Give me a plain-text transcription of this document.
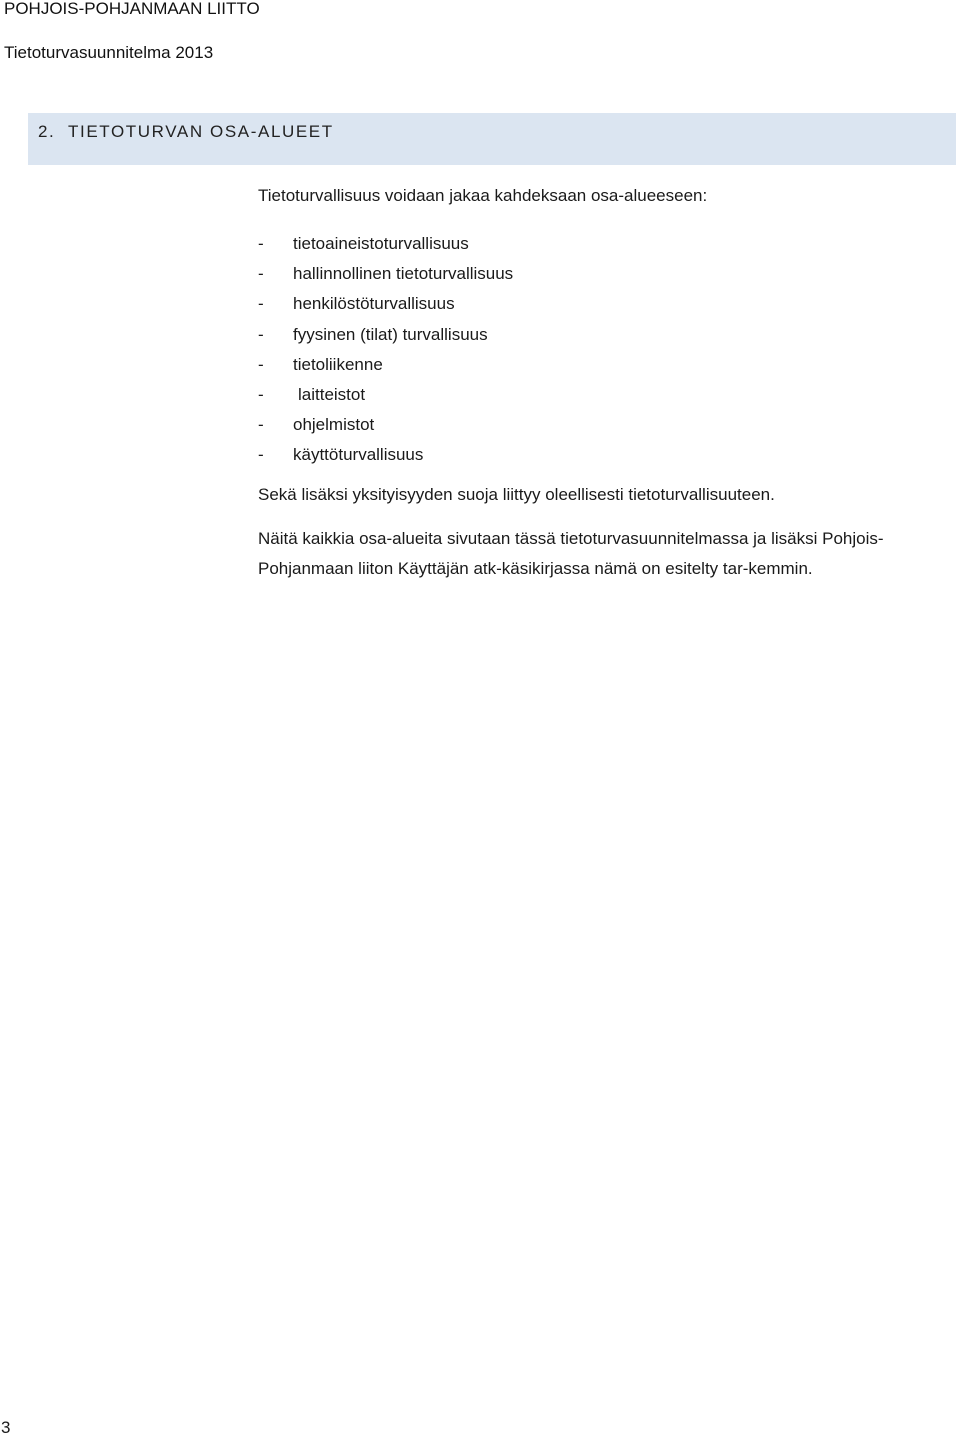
POHJOIS-POHJANMAAN LIITTO
Tietoturvasuunnitelma 2013
2. TIETOTURVAN OSA-ALUEET

Tietoturvallisuus voidaan jakaa kahdeksaan osa-alueeseen:

- tietoaineistoturvallisuus
- hallinnollinen tietoturvallisuus
- henkilöstöturvallisuus
- fyysinen (tilat) turvallisuus
- tietoliikenne
- laitteistot
- ohjelmistot
- käyttöturvallisuus

Sekä lisäksi yksityisyyden suoja liittyy oleellisesti tietoturvallisuuteen.

Näitä kaikkia osa-alueita sivutaan tässä tietoturvasuunnitelmassa ja lisäksi Pohjois-Pohjanmaan liiton Käyttäjän atk-käsikirjassa nämä on esitelty tar-kemmin.

3
